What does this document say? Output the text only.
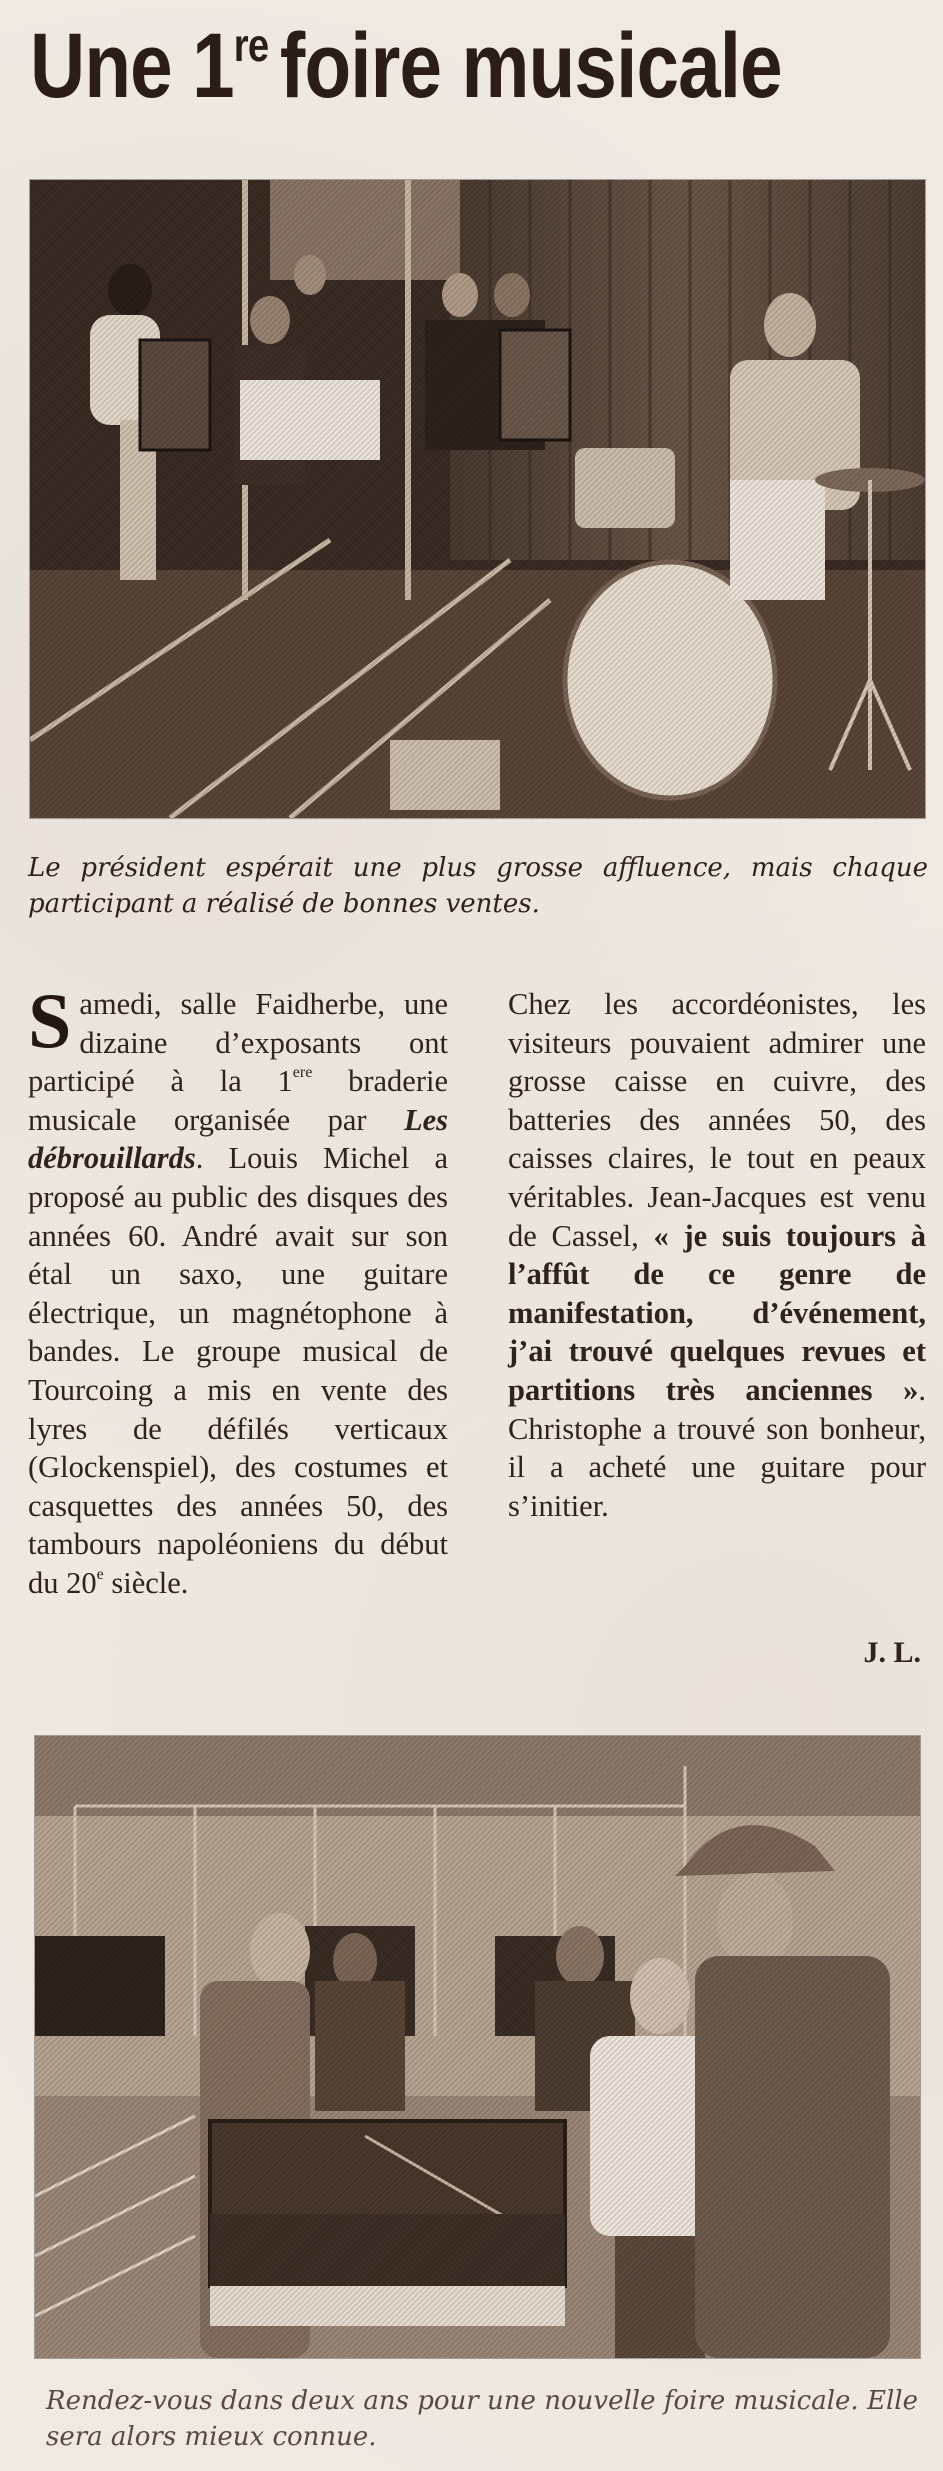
Une 1re foire musicale
Le président espérait une plus grosse affluence, mais chaque participant a réalisé de bonnes ventes.
Samedi, salle Faidherbe, une dizaine d’exposants ont participé à la 1ere braderie musicale organisée par Les débrouillards. Louis Michel a proposé au public des disques des années 60. André avait sur son étal un saxo, une guitare électrique, un magnétophone à bandes. Le groupe musical de Tourcoing a mis en vente des lyres de défilés verticaux (Glockenspiel), des costumes et casquettes des années 50, des tambours napoléoniens du début du 20e siècle.
Chez les accordéonistes, les visiteurs pouvaient admirer une grosse caisse en cuivre, des batteries des années 50, des caisses claires, le tout en peaux véritables. Jean-Jacques est venu de Cassel, « je suis toujours à l’affût de ce genre de manifestation, d’événement, j’ai trouvé quelques revues et partitions très anciennes ». Christophe a trouvé son bonheur, il a acheté une guitare pour s’initier.
J. L.
Rendez-vous dans deux ans pour une nouvelle foire musicale. Elle sera alors mieux connue.
